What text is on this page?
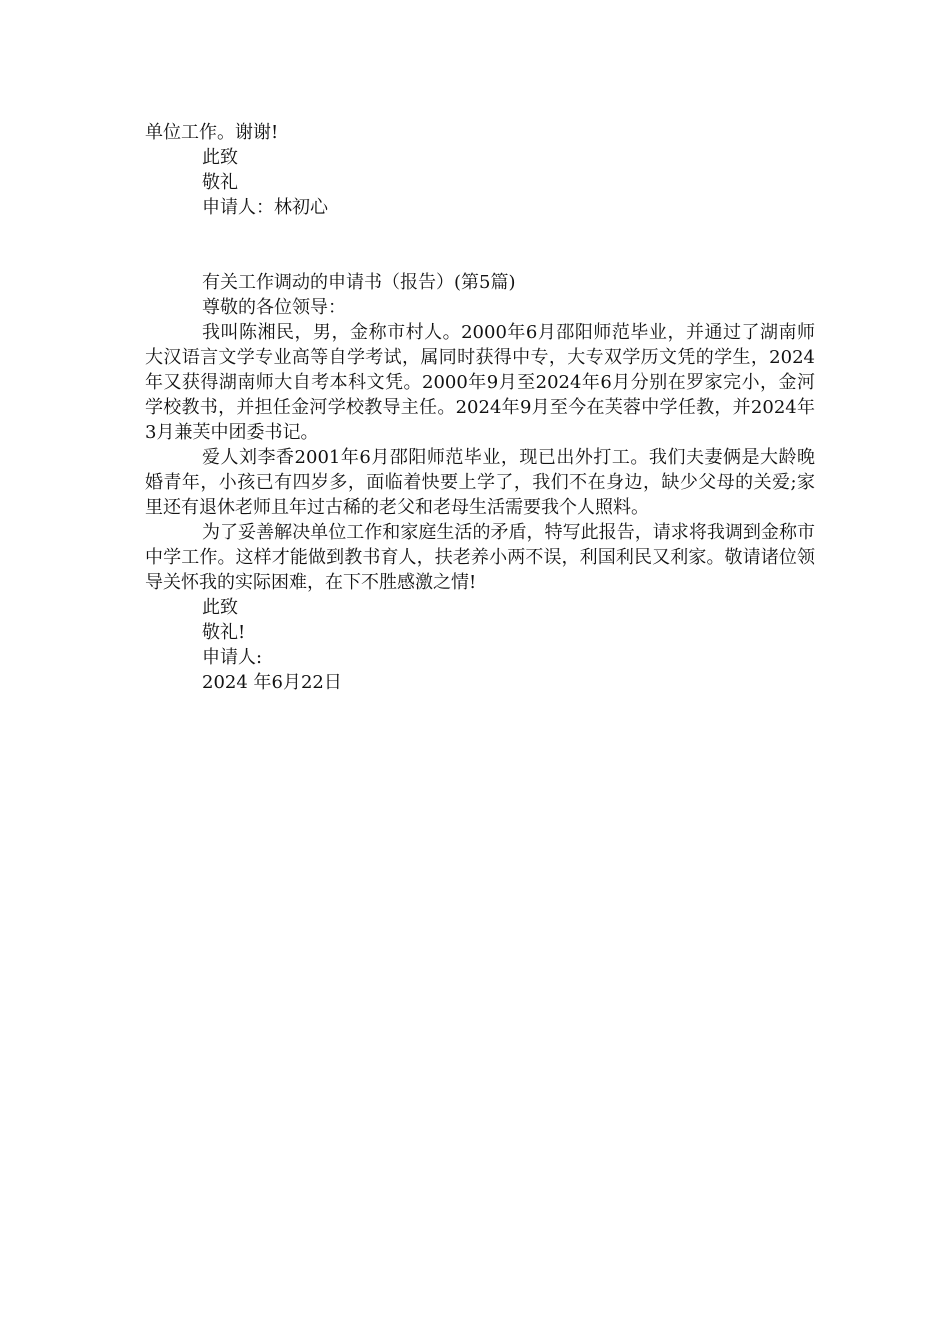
单位工作。谢谢!

此致

敬礼

申请人：林初心

有关工作调动的申请书（报告）(第5篇)

尊敬的各位领导：

我叫陈湘民，男，金称市村人。2000年6月邵阳师范毕业，并通过了湖南师大汉语言文学专业高等自学考试，属同时获得中专，大专双学历文凭的学生，2024年又获得湖南师大自考本科文凭。2000年9月至2024年6月分别在罗家完小，金河学校教书，并担任金河学校教导主任。2024年9月至今在芙蓉中学任教，并2024年3月兼芙中团委书记。

爱人刘李香2001年6月邵阳师范毕业，现已出外打工。我们夫妻俩是大龄晚婚青年，小孩已有四岁多，面临着快要上学了，我们不在身边，缺少父母的关爱;家里还有退休老师且年过古稀的老父和老母生活需要我个人照料。

为了妥善解决单位工作和家庭生活的矛盾，特写此报告，请求将我调到金称市中学工作。这样才能做到教书育人，扶老养小两不误，利国利民又利家。敬请诸位领导关怀我的实际困难，在下不胜感激之情!

此致

敬礼!

申请人:

2024 年6月22日
